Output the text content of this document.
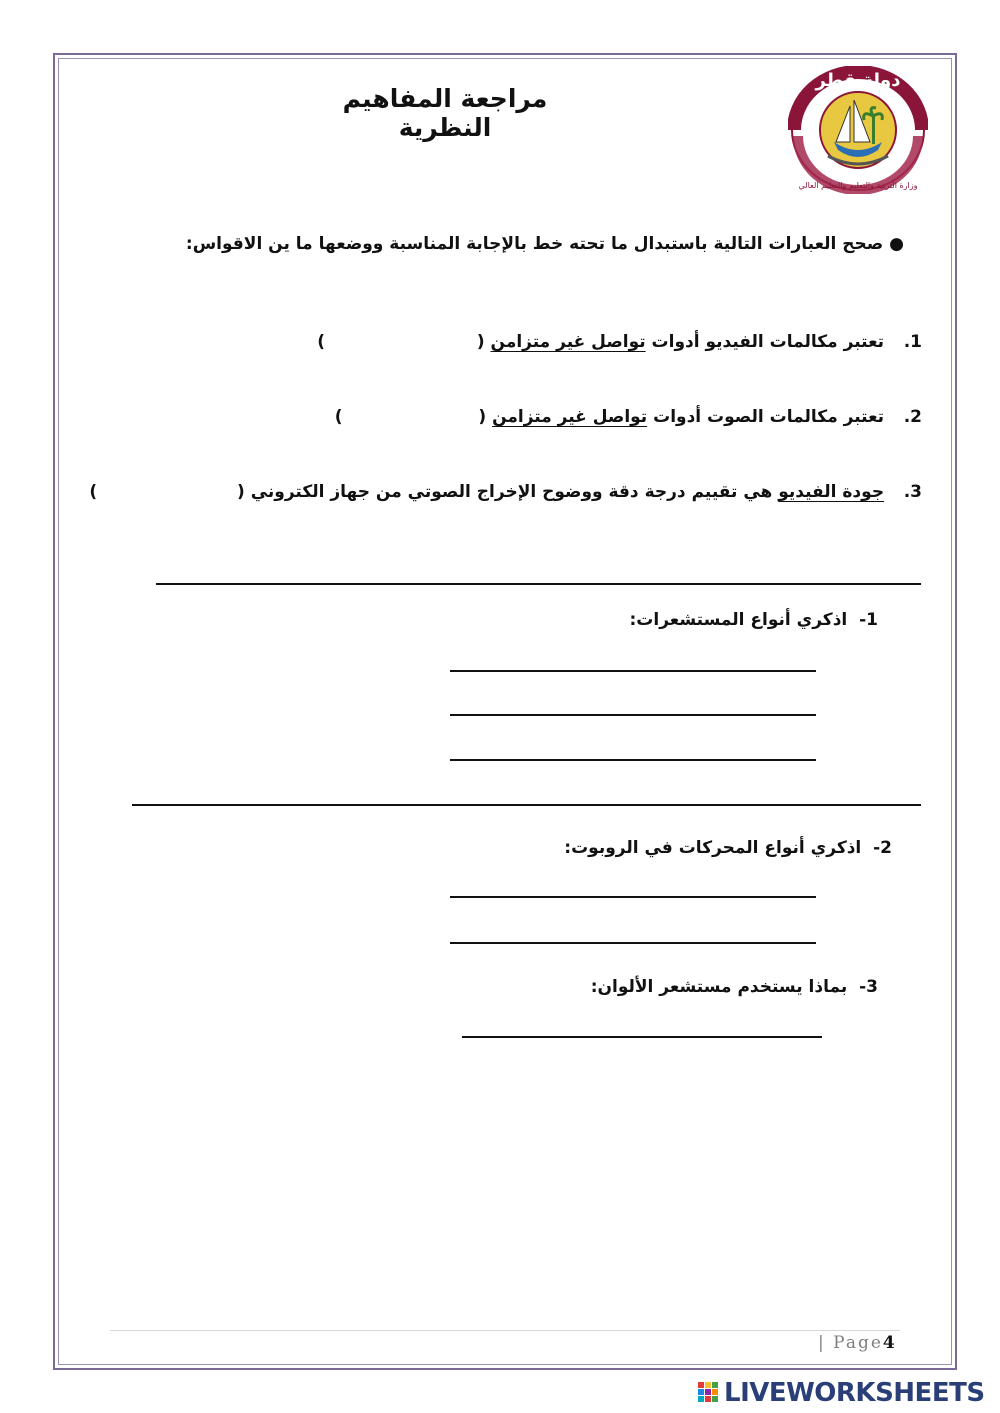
مراجعة المفاهيم النظرية
دولة قطر
وزارة التربية والتعليم والتعليم العالي
● صحح العبارات التالية باستبدال ما تحته خط بالإجابة المناسبة ووضعها ما ين الاقواس:
1. تعتبر مكالمات الفيديو أدوات تواصل غير متزامن (  )
2. تعتبر مكالمات الصوت أدوات تواصل غير متزامن (  )
3. جودة الفيديو هي تقييم درجة دقة ووضوح الإخراج الصوتي من جهاز الكتروني (  )
1-  اذكري أنواع المستشعرات:
2-  اذكري أنواع المحركات في الروبوت:
3-  بماذا يستخدم مستشعر الألوان:
| Page4
LIVEWORKSHEETS
